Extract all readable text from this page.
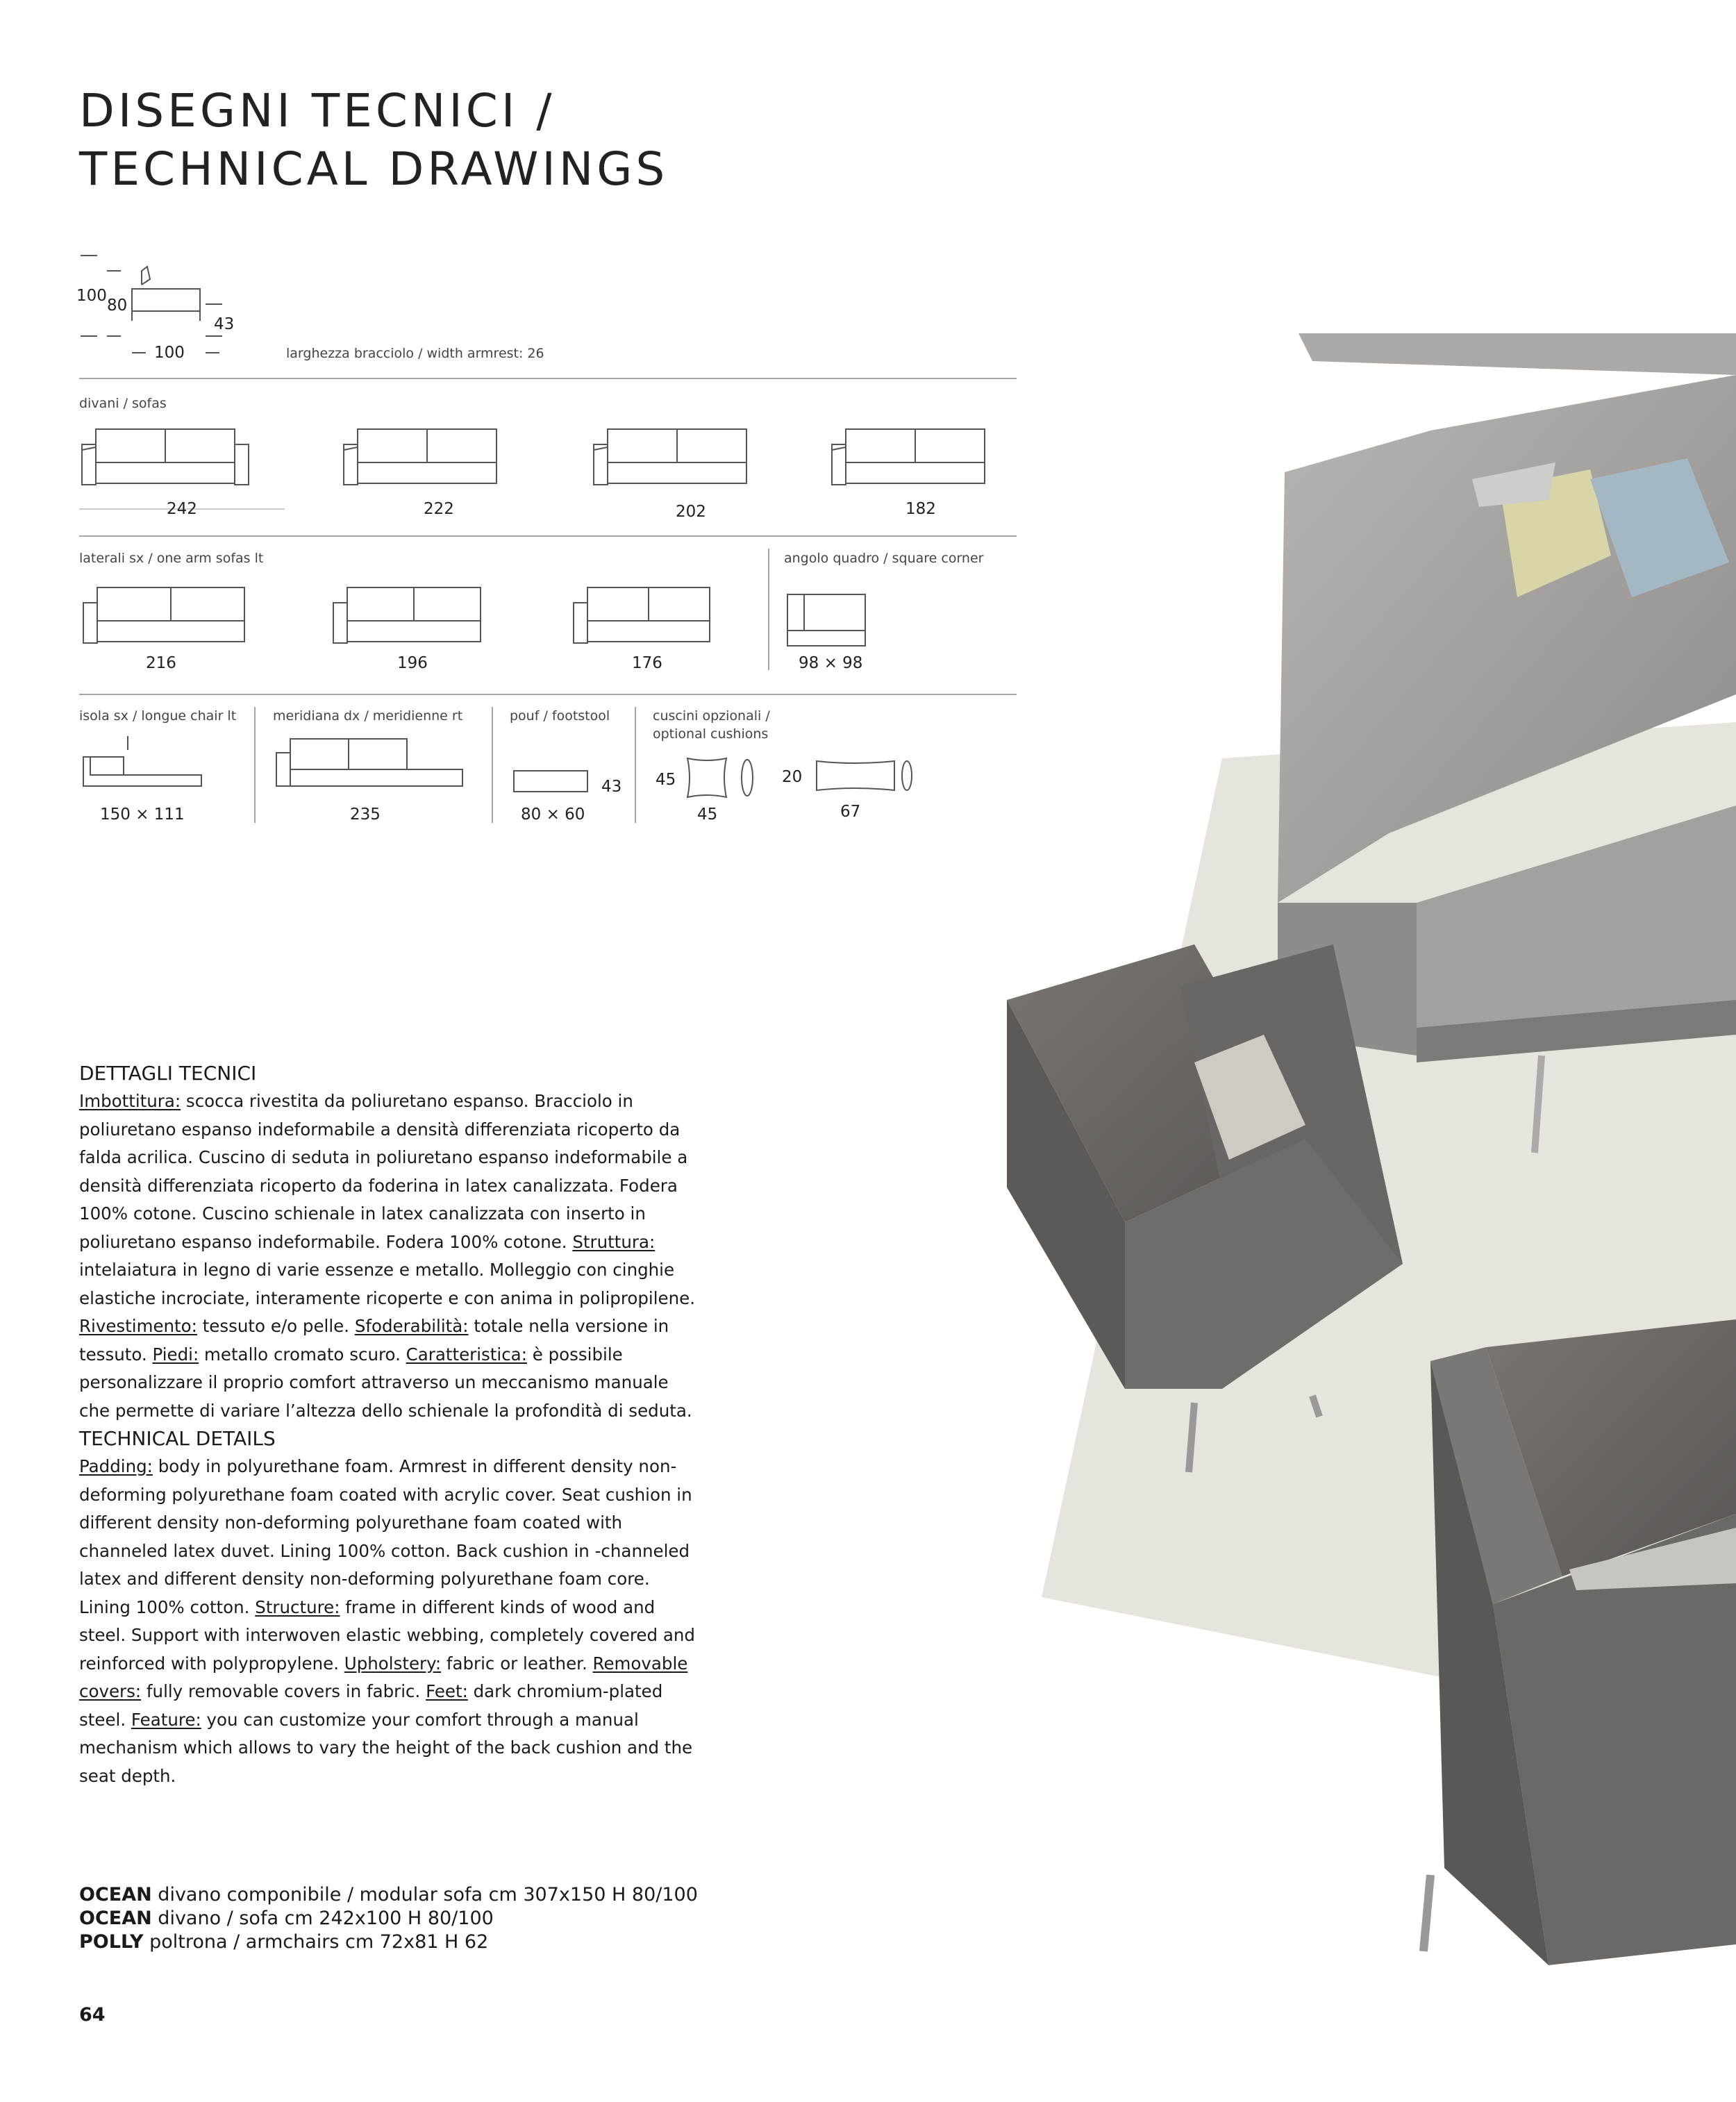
DISEGNI TECNICI /
TECHNICAL DRAWINGS
100
80
43
100	larghezza bracciolo / width armrest: 26
divani / sofas
242	222	202	182
laterali sx / one arm sofas lt
216	196	176
angolo quadro / square corner
98 × 98
isola sx / longue chair lt
150 × 111
meridiana dx / meridienne rt
235
pouf / footstool
43
80 × 60
cuscini opzionali /
optional cushions
45
45
20
67
DETTAGLI TECNICI

Imbottitura: scocca rivestita da poliuretano espanso. Bracciolo in poliuretano espanso indeformabile a densità differenziata ricoperto da falda acrilica. Cuscino di seduta in poliuretano espanso indeformabile a densità differenziata ricoperto da foderina in latex canalizzata. Fodera 100% cotone. Cuscino schienale in latex canalizzata con inserto in poliuretano espanso indeformabile. Fodera 100% cotone. Struttura: intelaiatura in legno di varie essenze e metallo. Molleggio con cinghie elastiche incrociate, interamente ricoperte e con anima in polipropilene. Rivestimento: tessuto e/o pelle. Sfoderabilità: totale nella versione in tessuto. Piedi: metallo cromato scuro. Caratteristica: è possibile personalizzare il proprio comfort attraverso un meccanismo manuale che permette di variare l’altezza dello schienale la profondità di seduta.

TECHNICAL DETAILS

Padding: body in polyurethane foam. Armrest in different density non-deforming polyurethane foam coated with acrylic cover. Seat cushion in different density non-deforming polyurethane foam coated with channeled latex duvet. Lining 100% cotton. Back cushion in -channeled latex and different density non-deforming polyurethane foam core. Lining 100% cotton. Structure: frame in different kinds of wood and steel. Support with interwoven elastic webbing, completely covered and reinforced with polypropylene. Upholstery: fabric or leather. Removable covers: fully removable covers in fabric. Feet: dark chromium-plated steel. Feature: you can customize your comfort through a manual mechanism which allows to vary the height of the back cushion and the seat depth.

OCEAN divano componibile / modular sofa cm 307x150 H 80/100
OCEAN divano / sofa cm 242x100 H 80/100
POLLY poltrona / armchairs cm 72x81 H 62
64
